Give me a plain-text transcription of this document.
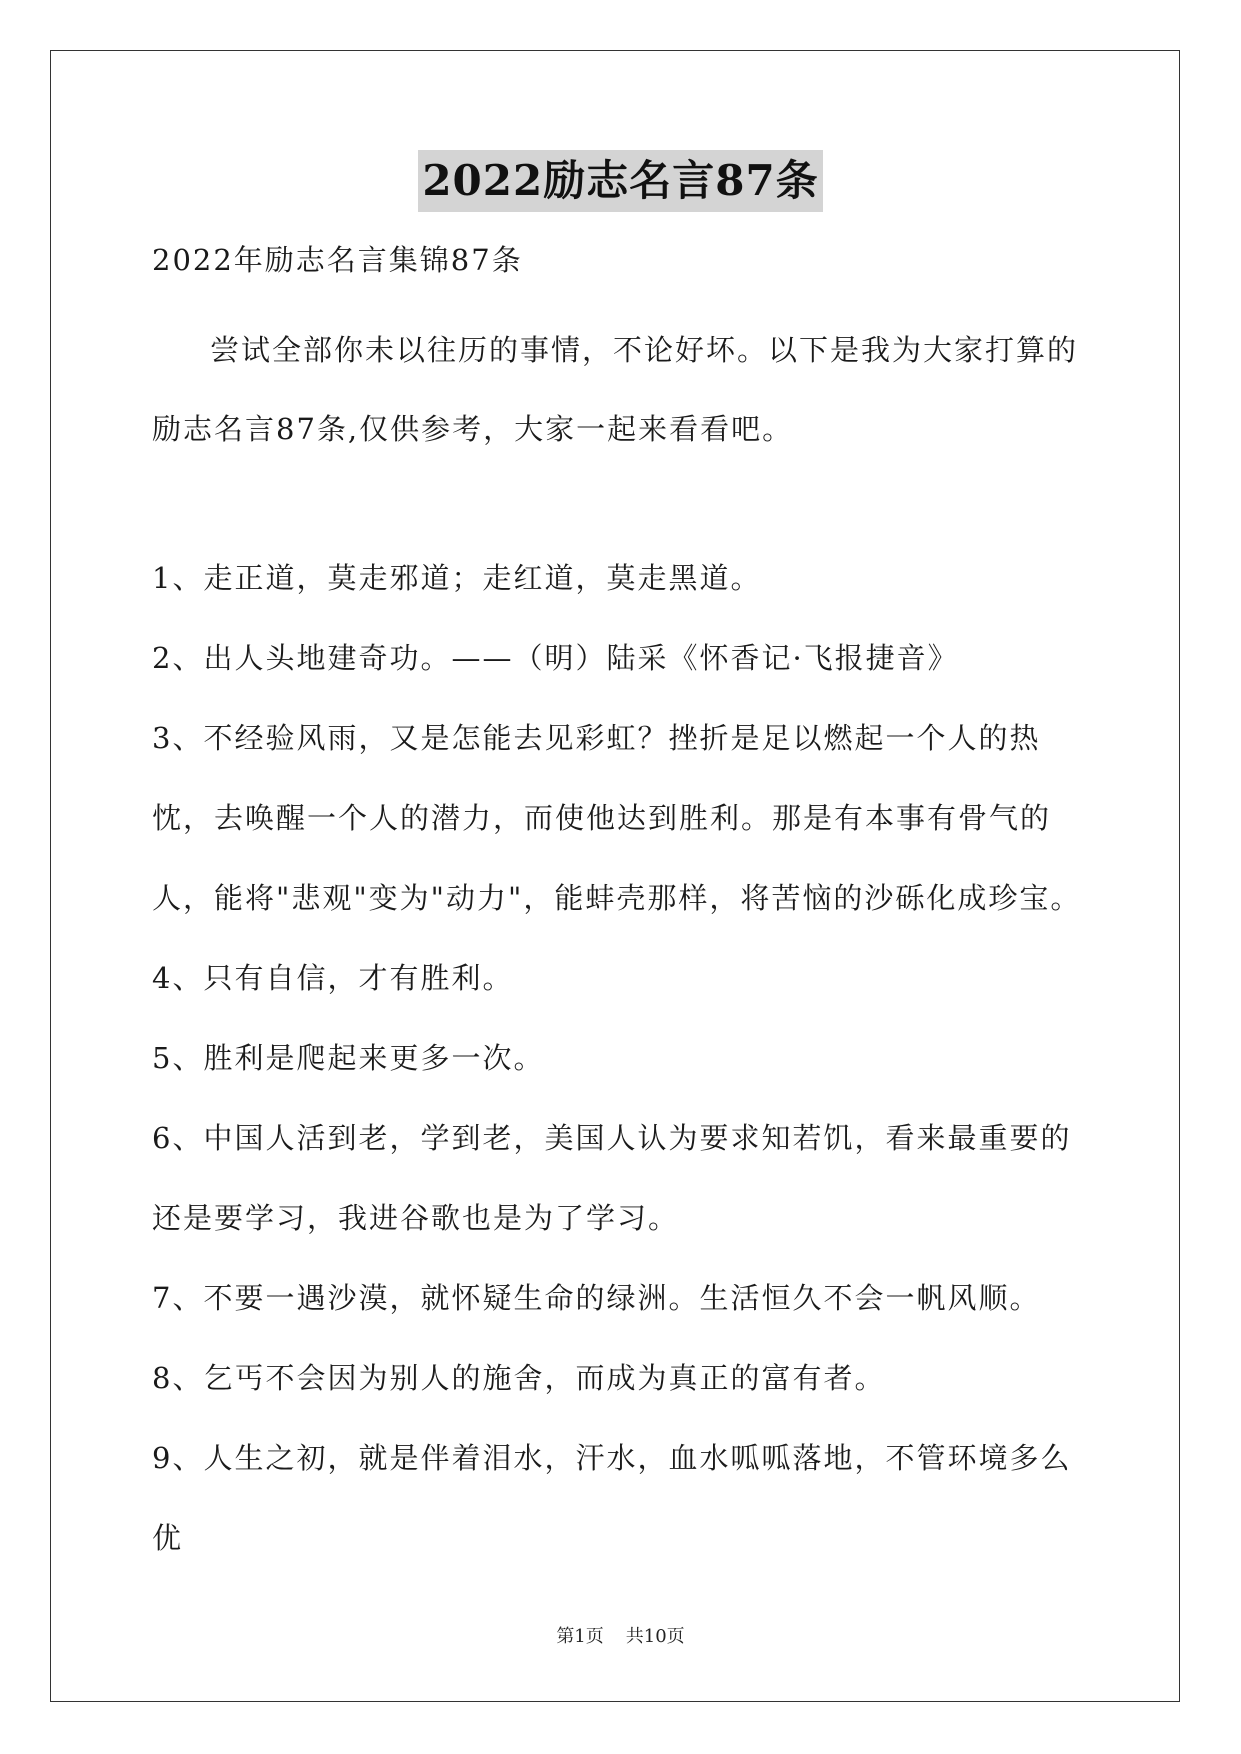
2022励志名言87条

2022年励志名言集锦87条

尝试全部你未以往历的事情，不论好坏。以下是我为大家打算的励志名言87条,仅供参考，大家一起来看看吧。
1、走正道，莫走邪道；走红道，莫走黑道。
2、出人头地建奇功。——（明）陆采《怀香记·飞报捷音》
3、不经验风雨，又是怎能去见彩虹？挫折是足以燃起一个人的热忱，去唤醒一个人的潜力，而使他达到胜利。那是有本事有骨气的人，能将"悲观"变为"动力"，能蚌壳那样，将苦恼的沙砾化成珍宝。
4、只有自信，才有胜利。
5、胜利是爬起来更多一次。
6、中国人活到老，学到老，美国人认为要求知若饥，看来最重要的还是要学习，我进谷歌也是为了学习。
7、不要一遇沙漠，就怀疑生命的绿洲。生活恒久不会一帆风顺。
8、乞丐不会因为别人的施舍，而成为真正的富有者。
9、人生之初，就是伴着泪水，汗水，血水呱呱落地，不管环境多么优
第1页 共10页
